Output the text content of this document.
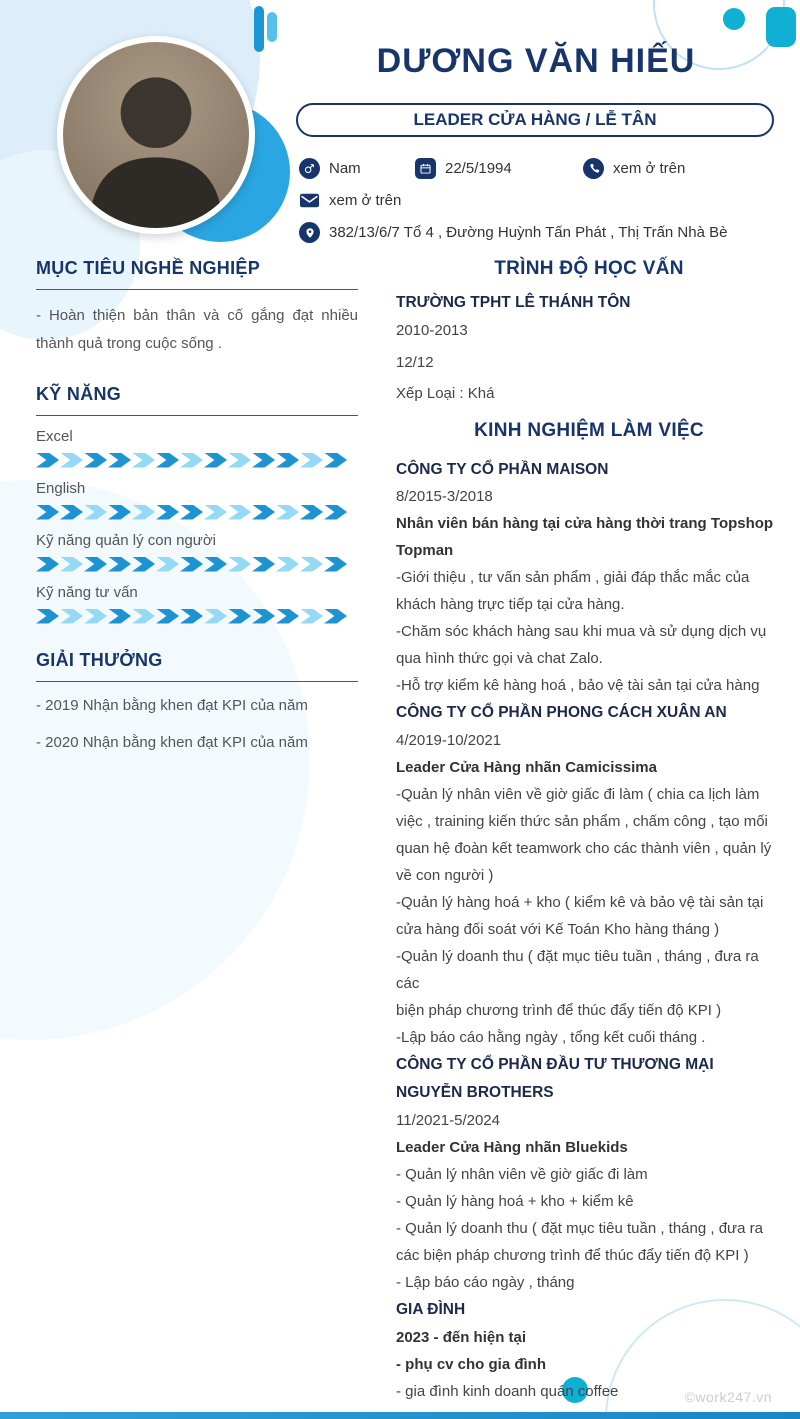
DƯƠNG VĂN HIẾU
LEADER CỬA HÀNG / LỄ TÂN
Nam	22/5/1994	xem ở trên
xem ở trên
382/13/6/7 Tổ 4 , Đường Huỳnh Tấn Phát , Thị Trấn Nhà Bè
MỤC TIÊU NGHỀ NGHIỆP

- Hoàn thiện bản thân và cố gắng đạt nhiều thành quả trong cuộc sống .

KỸ NĂNG
Excel
English
Kỹ năng quản lý con người
Kỹ năng tư vấn
GIẢI THƯỞNG

- 2019 Nhận bằng khen đạt KPI của năm

- 2020 Nhận bằng khen đạt KPI của năm

TRÌNH ĐỘ HỌC VẤN

TRƯỜNG TPHT LÊ THÁNH TÔN

2010-2013

12/12

Xếp Loại : Khá

KINH NGHIỆM LÀM VIỆC

CÔNG TY CỔ PHẦN MAISON

8/2015-3/2018

Nhân viên bán hàng tại cửa hàng thời trang Topshop Topman

-Giới thiệu , tư vấn sản phẩm , giải đáp thắc mắc của khách hàng trực tiếp tại cửa hàng.

-Chăm sóc khách hàng sau khi mua và sử dụng dịch vụ qua hình thức gọi và chat Zalo.

-Hỗ trợ kiểm kê hàng hoá , bảo vệ tài sản tại cửa hàng

CÔNG TY CỔ PHẦN PHONG CÁCH XUÂN AN

4/2019-10/2021

Leader Cửa Hàng nhãn Camicissima

-Quản lý nhân viên về giờ giấc đi làm ( chia ca lịch làm việc , training kiến thức sản phẩm , chấm công , tạo mối quan hệ đoàn kết teamwork cho các thành viên , quản lý về con người )

-Quản lý hàng hoá + kho ( kiểm kê và bảo vệ tài sản tại cửa hàng đối soát với Kế Toán Kho hàng tháng )

-Quản lý doanh thu ( đặt mục tiêu tuần , tháng , đưa ra các

biện pháp chương trình để thúc đẩy tiến độ KPI )

-Lập báo cáo hằng ngày , tổng kết cuối tháng .

CÔNG TY CỔ PHẦN ĐẦU TƯ THƯƠNG MẠI NGUYỄN BROTHERS

11/2021-5/2024

Leader Cửa Hàng nhãn Bluekids

- Quản lý nhân viên về giờ giấc đi làm

- Quản lý hàng hoá + kho + kiểm kê

- Quản lý doanh thu ( đặt mục tiêu tuần , tháng , đưa ra các biện pháp chương trình để thúc đẩy tiến độ KPI )

- Lập báo cáo ngày , tháng

GIA ĐÌNH

2023 - đến hiện tại

- phụ cv cho gia đình

- gia đình kinh doanh quán coffee	©work247.vn
